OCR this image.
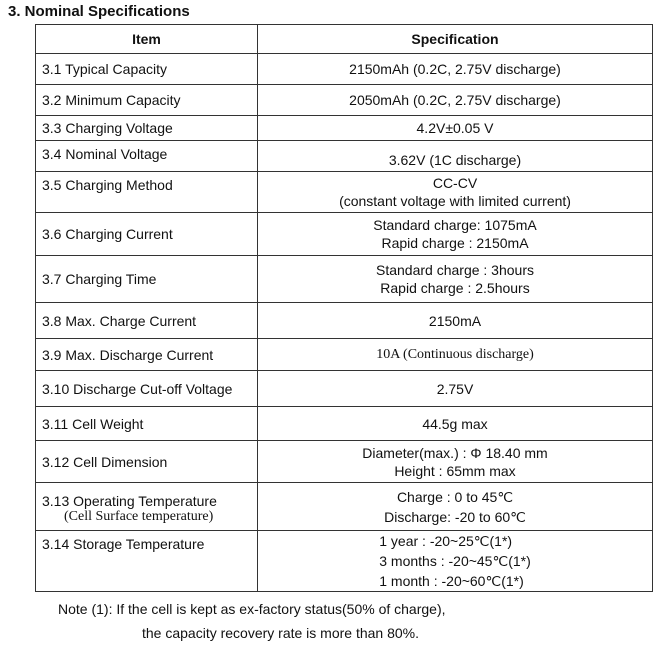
3. Nominal Specifications
Item	Specification
3.1 Typical Capacity	2150mAh (0.2C, 2.75V discharge)
3.2 Minimum Capacity	2050mAh (0.2C, 2.75V discharge)
3.3 Charging Voltage	4.2V±0.05 V
3.4 Nominal Voltage	3.62V (1C discharge)
3.5 Charging Method	CC-CV
(constant voltage with limited current)

3.6 Charging Current	Standard charge: 1075mA
Rapid charge : 2150mA

3.7 Charging Time	Standard charge : 3hours
Rapid charge : 2.5hours

3.8 Max. Charge Current	2150mA
3.9 Max. Discharge Current	10A (Continuous discharge)
3.10 Discharge Cut-off Voltage	2.75V
3.11 Cell Weight	44.5g max
3.12 Cell Dimension	Diameter(max.) : Φ 18.40 mm
Height : 65mm max

3.13 Operating Temperature
(Cell Surface temperature)	Charge : 0 to 45℃
Discharge: -20 to 60℃

3.14 Storage Temperature	1 year : -20~25℃(1*)
3 months : -20~45℃(1*)
1 month : -20~60℃(1*)
Note (1): If the cell is kept as ex-factory status(50% of charge),
the capacity recovery rate is more than 80%.
